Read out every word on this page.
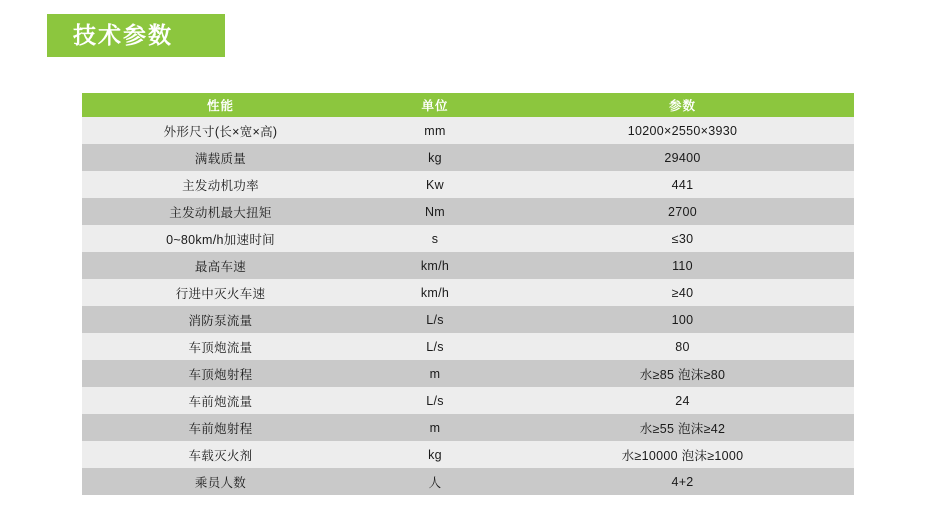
技术参数
性能	单位	参数
外形尺寸(长×宽×高)	mm	10200×2550×3930
满载质量	kg	29400
主发动机功率	Kw	441
主发动机最大扭矩	Nm	2700
0~80km/h加速时间	s	≤30
最高车速	km/h	110
行进中灭火车速	km/h	≥40
消防泵流量	L/s	100
车顶炮流量	L/s	80
车顶炮射程	m	水≥85 泡沫≥80
车前炮流量	L/s	24
车前炮射程	m	水≥55 泡沫≥42
车载灭火剂	kg	水≥10000 泡沫≥1000
乘员人数	人	4+2
